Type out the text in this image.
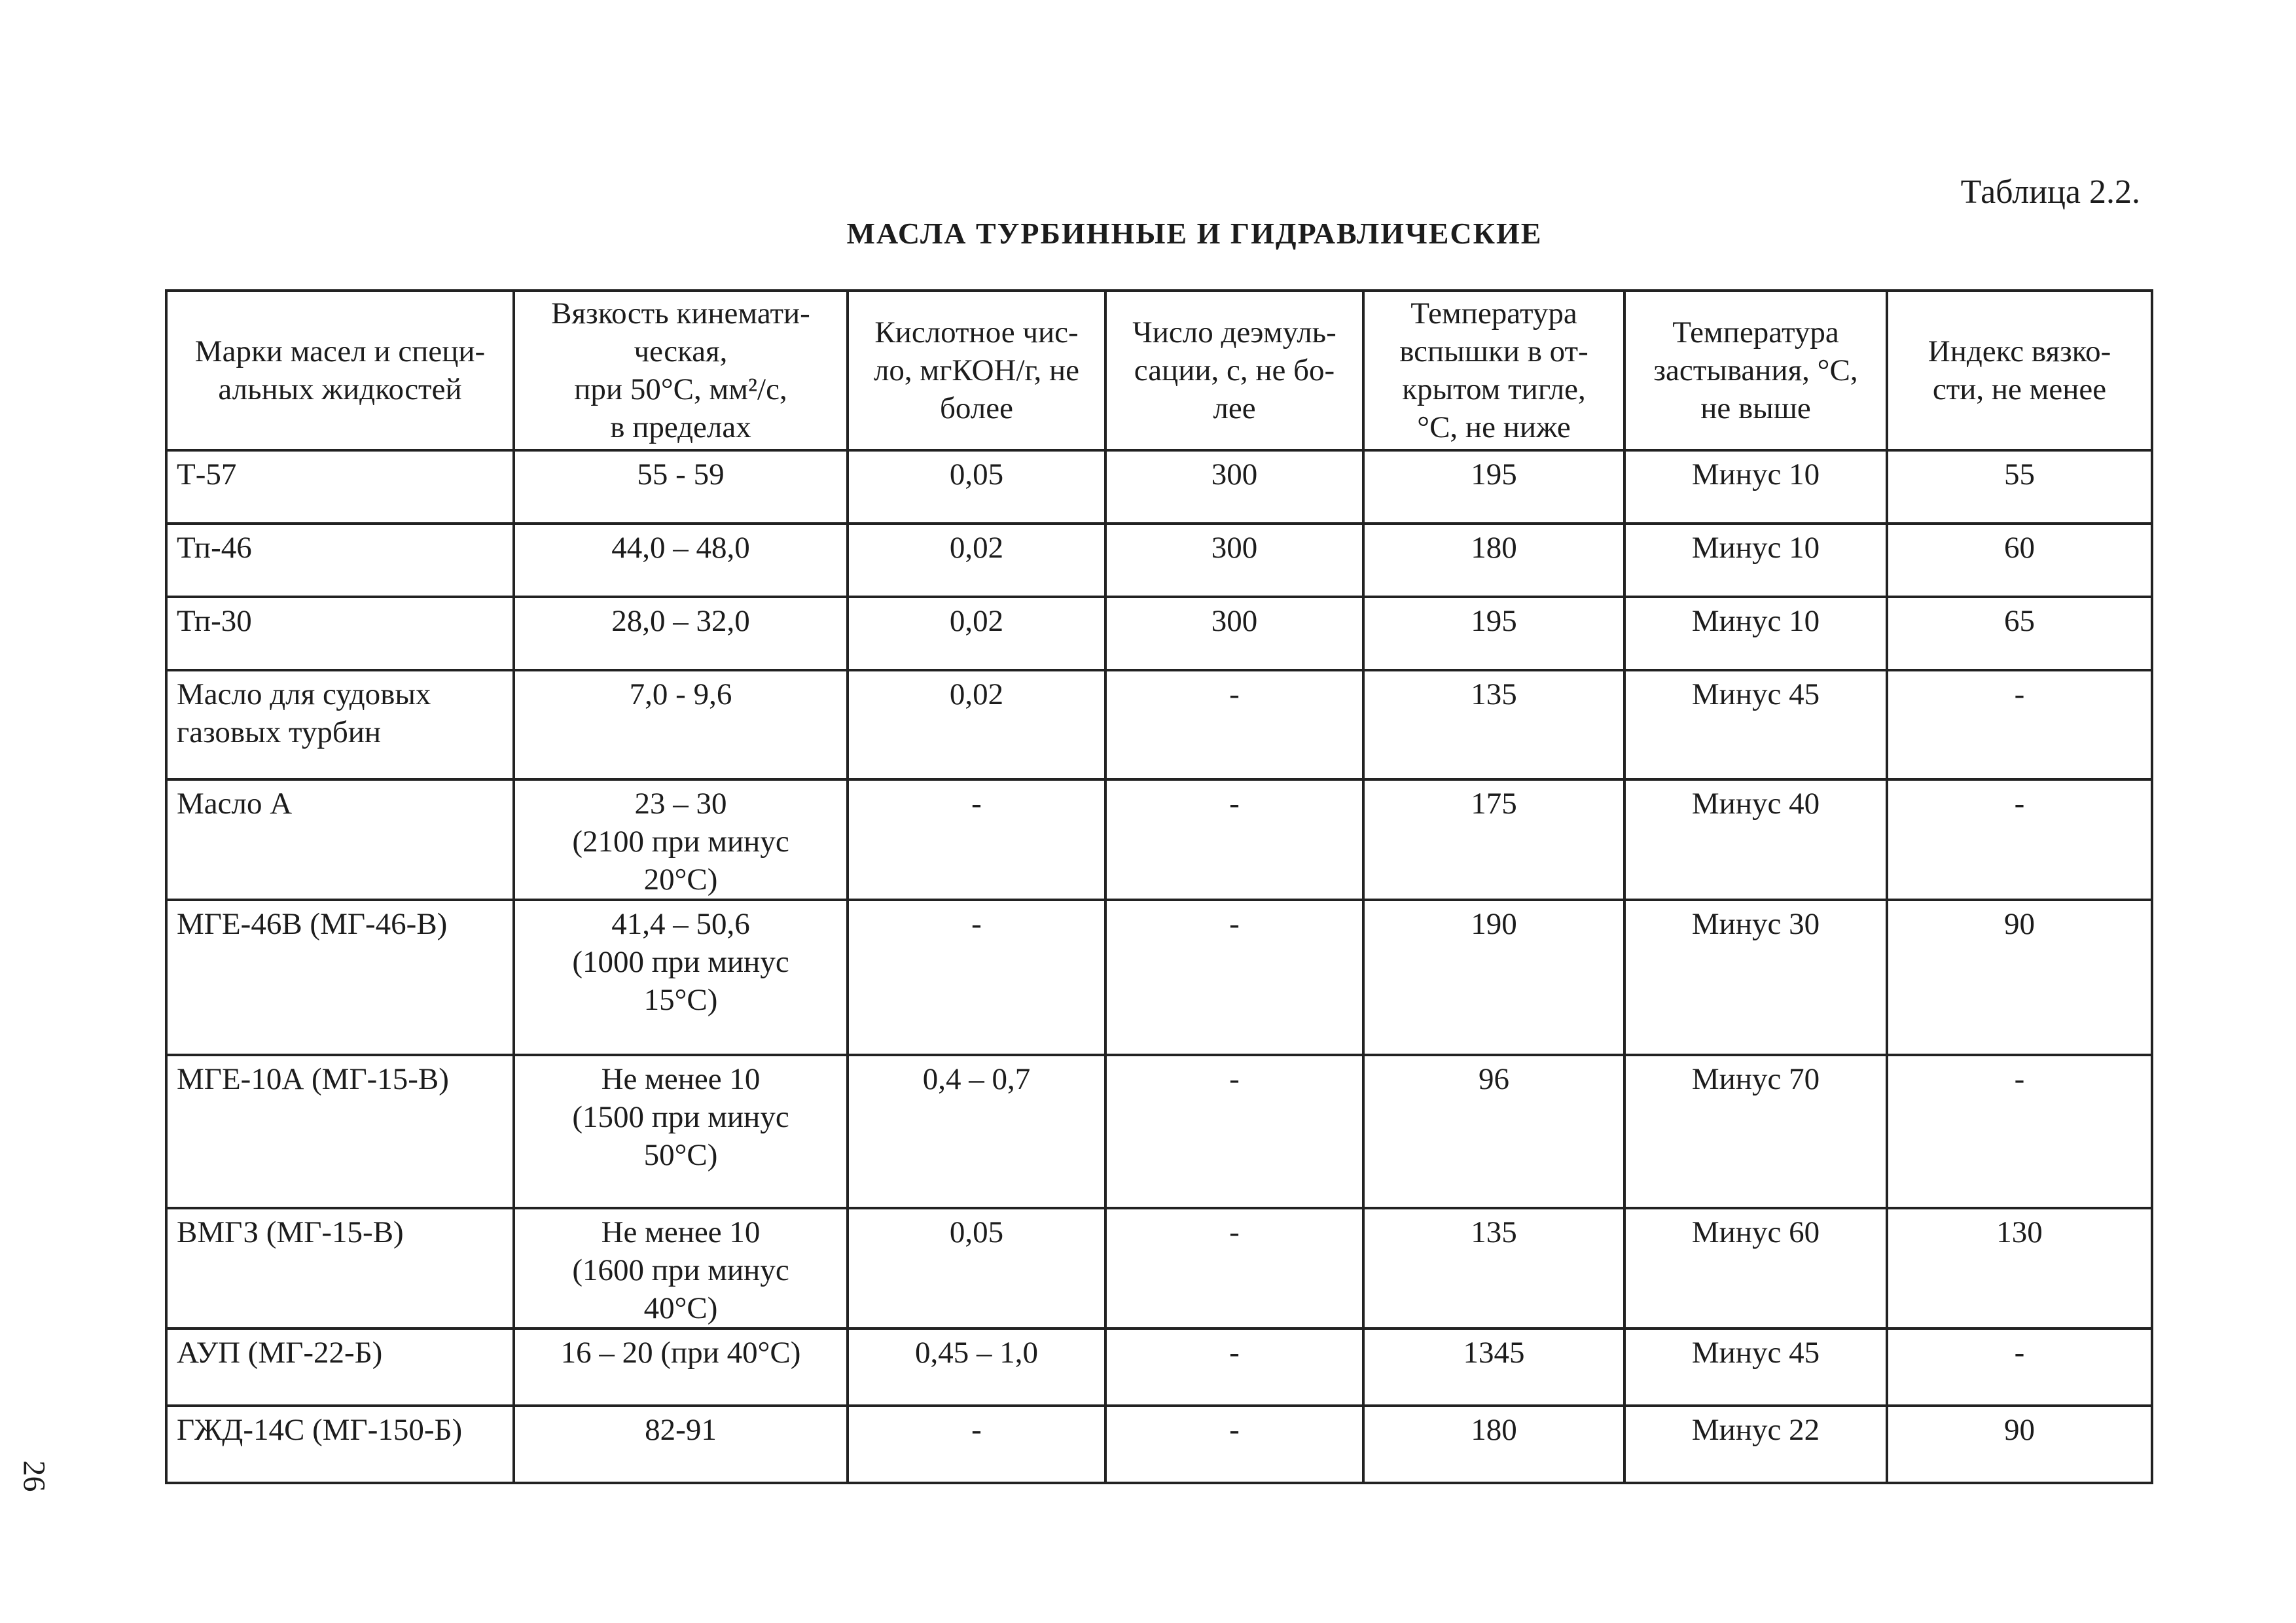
Таблица 2.2.
МАСЛА ТУРБИННЫЕ И ГИДРАВЛИЧЕСКИЕ
26
Марки масел и специ-
альных жидкостей	Вязкость кинемати-
ческая,
при 50°С, мм²/с,
в пределах	Кислотное чис-
ло, мгКОН/г, не
более	Число деэмуль-
сации, с, не бо-
лее	Температура
вспышки в от-
крытом тигле,
°С, не ниже	Температура
застывания, °С,
не выше	Индекс вязко-
сти, не менее
Т-57	55 - 59	0,05	300	195	Минус 10	55
Тп-46	44,0 – 48,0	0,02	300	180	Минус 10	60
Тп-30	28,0 – 32,0	0,02	300	195	Минус 10	65
Масло для судовых
газовых турбин	7,0 - 9,6	0,02	-	135	Минус 45	-
Масло А	23 – 30
(2100 при минус
20°С)	-	-	175	Минус 40	-
МГЕ-46В (МГ-46-В)	41,4 – 50,6
(1000 при минус
15°С)	-	-	190	Минус 30	90
МГЕ-10А (МГ-15-В)	Не менее 10
(1500 при минус
50°С)	0,4 – 0,7	-	96	Минус 70	-
ВМГЗ (МГ-15-В)	Не менее 10
(1600 при минус
40°С)	0,05	-	135	Минус 60	130
АУП (МГ-22-Б)	16 – 20 (при 40°С)	0,45 – 1,0	-	1345	Минус 45	-
ГЖД-14С (МГ-150-Б)	82-91	-	-	180	Минус 22	90
